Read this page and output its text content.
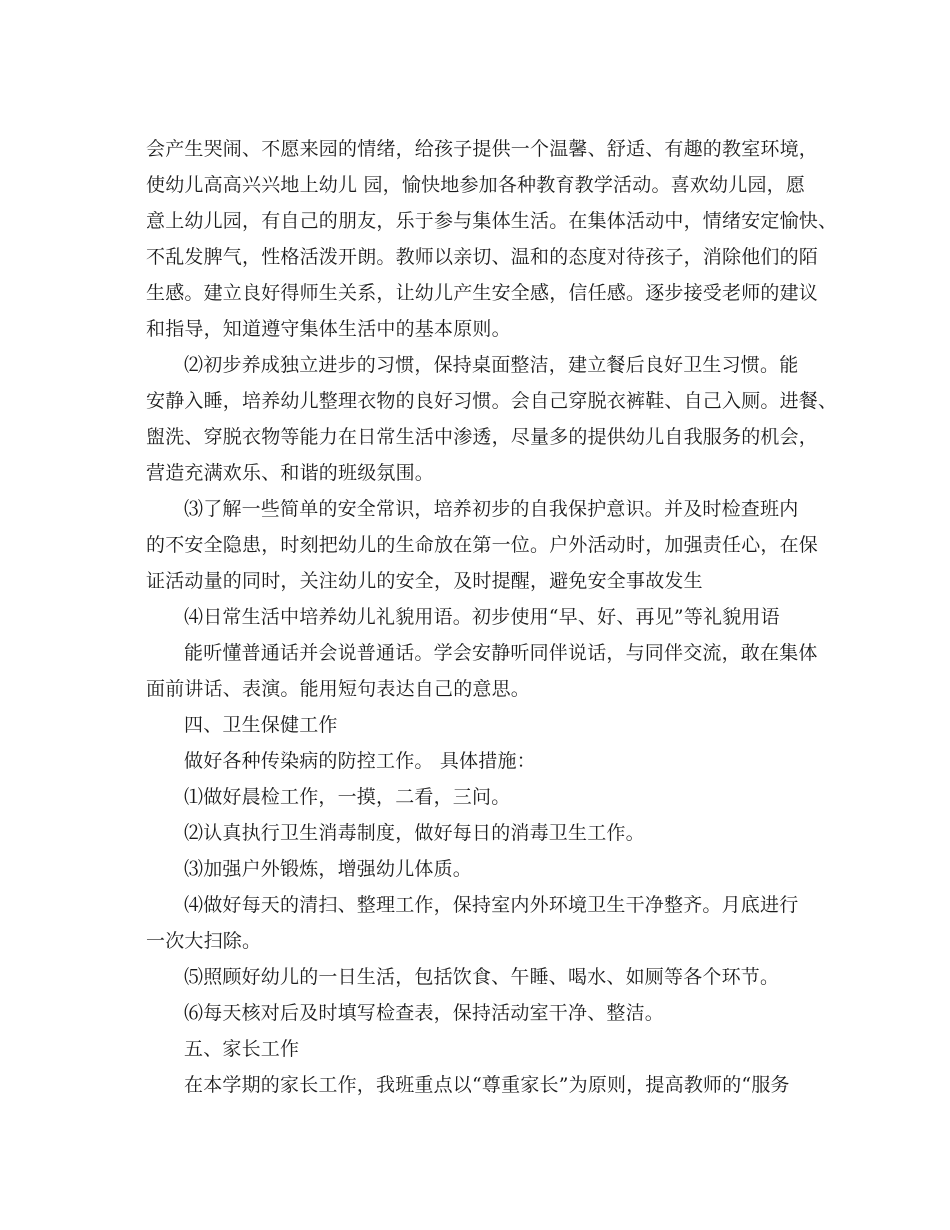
会产生哭闹、不愿来园的情绪，给孩子提供一个温馨、舒适、有趣的教室环境，
使幼儿高高兴兴地上幼儿 园，愉快地参加各种教育教学活动。喜欢幼儿园，愿
意上幼儿园，有自己的朋友，乐于参与集体生活。在集体活动中，情绪安定愉快、
不乱发脾气，性格活泼开朗。教师以亲切、温和的态度对待孩子，消除他们的陌
生感。建立良好得师生关系，让幼儿产生安全感，信任感。逐步接受老师的建议
和指导，知道遵守集体生活中的基本原则。
⑵初步养成独立进步的习惯，保持桌面整洁，建立餐后良好卫生习惯。能
安静入睡，培养幼儿整理衣物的良好习惯。会自己穿脱衣裤鞋、自己入厕。进餐、
盥洗、穿脱衣物等能力在日常生活中渗透，尽量多的提供幼儿自我服务的机会，
营造充满欢乐、和谐的班级氛围。
⑶了解一些简单的安全常识，培养初步的自我保护意识。并及时检查班内
的不安全隐患，时刻把幼儿的生命放在第一位。户外活动时，加强责任心，在保
证活动量的同时，关注幼儿的安全，及时提醒，避免安全事故发生
⑷日常生活中培养幼儿礼貌用语。初步使用“早、好、再见”等礼貌用语
能听懂普通话并会说普通话。学会安静听同伴说话，与同伴交流，敢在集体
面前讲话、表演。能用短句表达自己的意思。
四、卫生保健工作
做好各种传染病的防控工作。 具体措施：
⑴做好晨检工作，一摸，二看，三问。
⑵认真执行卫生消毒制度，做好每日的消毒卫生工作。
⑶加强户外锻炼，增强幼儿体质。
⑷做好每天的清扫、整理工作，保持室内外环境卫生干净整齐。月底进行
一次大扫除。
⑸照顾好幼儿的一日生活，包括饮食、午睡、喝水、如厕等各个环节。
⑹每天核对后及时填写检查表，保持活动室干净、整洁。
五、家长工作
在本学期的家长工作，我班重点以“尊重家长”为原则，提高教师的“服务
